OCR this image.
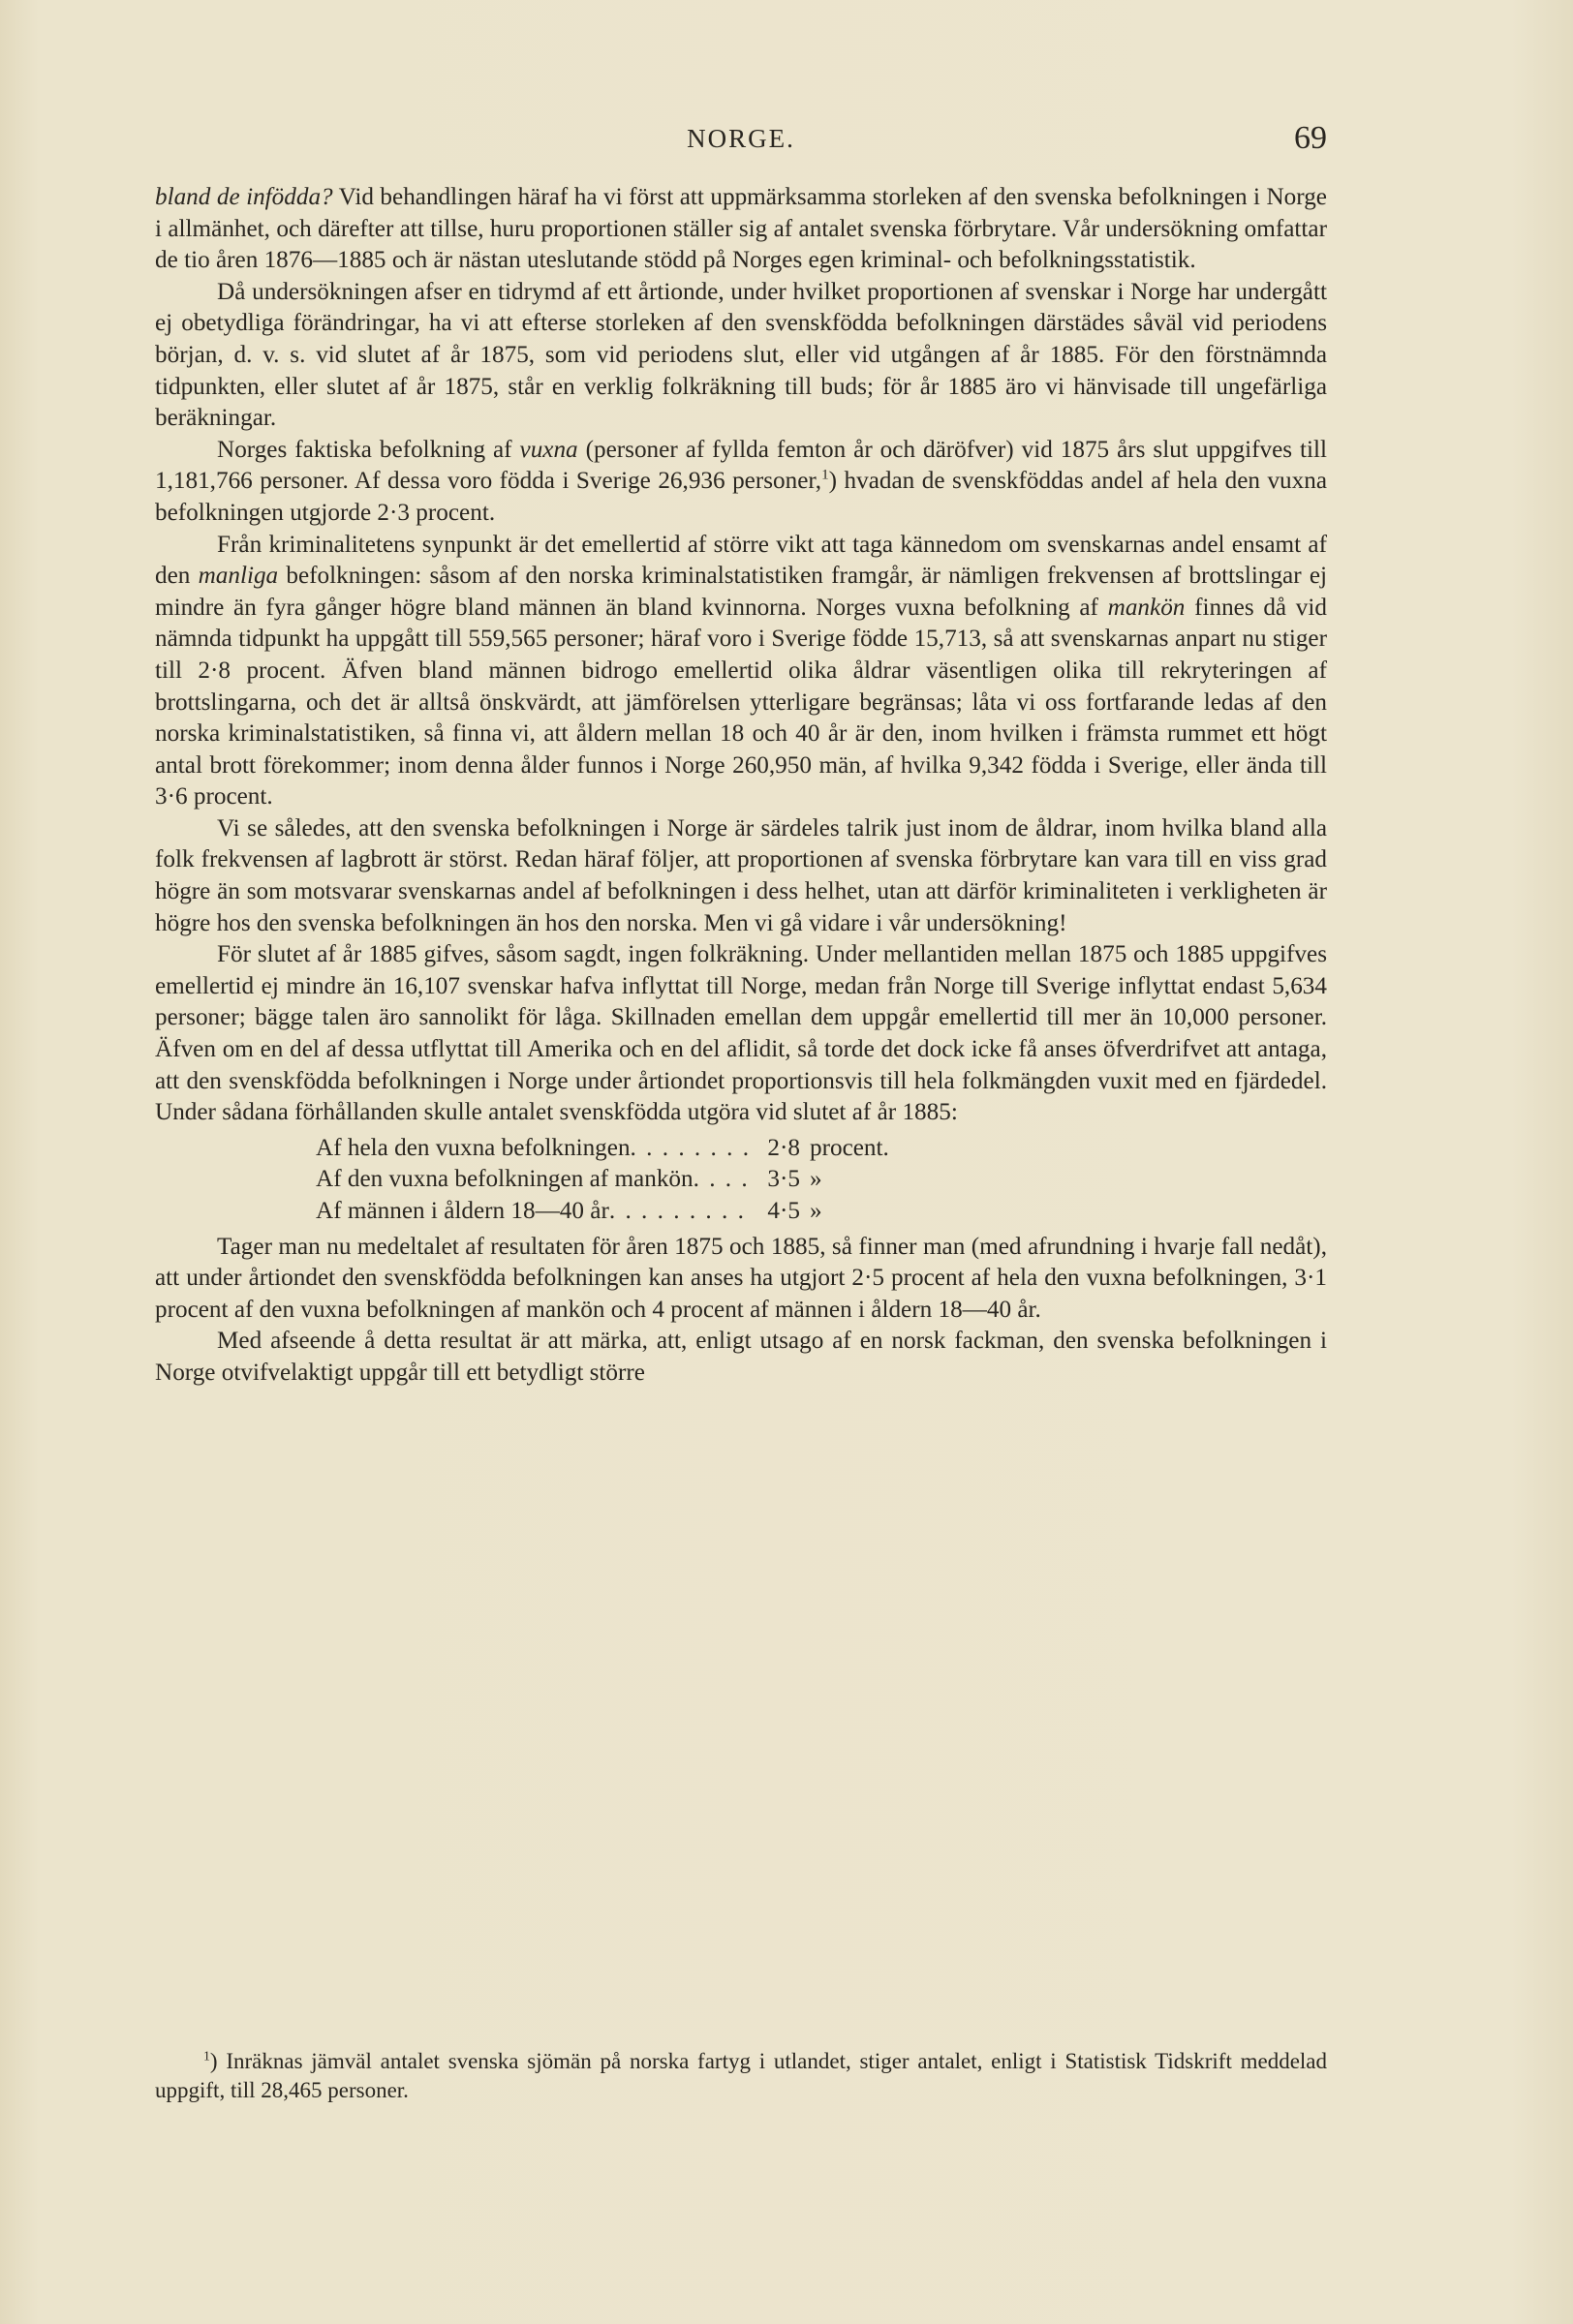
NORGE.	69

bland de infödda? Vid behandlingen häraf ha vi först att uppmärksamma storleken af den svenska befolkningen i Norge i allmänhet, och därefter att tillse, huru proportionen ställer sig af antalet svenska förbrytare. Vår undersökning omfattar de tio åren 1876—1885 och är nästan uteslutande stödd på Norges egen kriminal- och befolkningsstatistik.

Då undersökningen afser en tidrymd af ett årtionde, under hvilket proportionen af svenskar i Norge har undergått ej obetydliga förändringar, ha vi att efterse storleken af den svenskfödda befolkningen därstädes såväl vid periodens början, d. v. s. vid slutet af år 1875, som vid periodens slut, eller vid utgången af år 1885. För den förstnämnda tidpunkten, eller slutet af år 1875, står en verklig folkräkning till buds; för år 1885 äro vi hänvisade till ungefärliga beräkningar.

Norges faktiska befolkning af vuxna (personer af fyllda femton år och däröfver) vid 1875 års slut uppgifves till 1,181,766 personer. Af dessa voro födda i Sverige 26,936 personer,$^1$) hvadan de svenskföddas andel af hela den vuxna befolkningen utgjorde 2·3 procent.

Från kriminalitetens synpunkt är det emellertid af större vikt att taga kännedom om svenskarnas andel ensamt af den manliga befolkningen: såsom af den norska kriminalstatistiken framgår, är nämligen frekvensen af brottslingar ej mindre än fyra gånger högre bland männen än bland kvinnorna. Norges vuxna befolkning af mankön finnes då vid nämnda tidpunkt ha uppgått till 559,565 personer; häraf voro i Sverige födde 15,713, så att svenskarnas anpart nu stiger till 2·8 procent. Äfven bland männen bidrogo emellertid olika åldrar väsentligen olika till rekryteringen af brottslingarna, och det är alltså önskvärdt, att jämförelsen ytterligare begränsas; låta vi oss fortfarande ledas af den norska kriminalstatistiken, så finna vi, att åldern mellan 18 och 40 år är den, inom hvilken i främsta rummet ett högt antal brott förekommer; inom denna ålder funnos i Norge 260,950 män, af hvilka 9,342 födda i Sverige, eller ända till 3·6 procent.

Vi se således, att den svenska befolkningen i Norge är särdeles talrik just inom de åldrar, inom hvilka bland alla folk frekvensen af lagbrott är störst. Redan häraf följer, att proportionen af svenska förbrytare kan vara till en viss grad högre än som motsvarar svenskarnas andel af befolkningen i dess helhet, utan att därför kriminaliteten i verkligheten är högre hos den svenska befolkningen än hos den norska. Men vi gå vidare i vår undersökning!

För slutet af år 1885 gifves, såsom sagdt, ingen folkräkning. Under mellantiden mellan 1875 och 1885 uppgifves emellertid ej mindre än 16,107 svenskar hafva inflyttat till Norge, medan från Norge till Sverige inflyttat endast 5,634 personer; bägge talen äro sannolikt för låga. Skillnaden emellan dem uppgår emellertid till mer än 10,000 personer. Äfven om en del af dessa utflyttat till Amerika och en del aflidit, så torde det dock icke få anses öfverdrifvet att antaga, att den svenskfödda befolkningen i Norge under årtiondet proportionsvis till hela folkmängden vuxit med en fjärdedel. Under sådana förhållanden skulle antalet svenskfödda utgöra vid slutet af år 1885:

Af hela den vuxna befolkningen . . .	2·8 procent.
Af den vuxna befolkningen af mankön . . .	3·5 »
Af männen i åldern 18—40 år . . .	4·5 »

Tager man nu medeltalet af resultaten för åren 1875 och 1885, så finner man (med afrundning i hvarje fall nedåt), att under årtiondet den svenskfödda befolkningen kan anses ha utgjort 2·5 procent af hela den vuxna befolkningen, 3·1 procent af den vuxna befolkningen af mankön och 4 procent af männen i åldern 18—40 år.

Med afseende å detta resultat är att märka, att, enligt utsago af en norsk fackman, den svenska befolkningen i Norge otvifvelaktigt uppgår till ett betydligt större

$^1$) Inräknas jämväl antalet svenska sjömän på norska fartyg i utlandet, stiger antalet, enligt i Statistisk Tidskrift meddelad uppgift, till 28,465 personer.
